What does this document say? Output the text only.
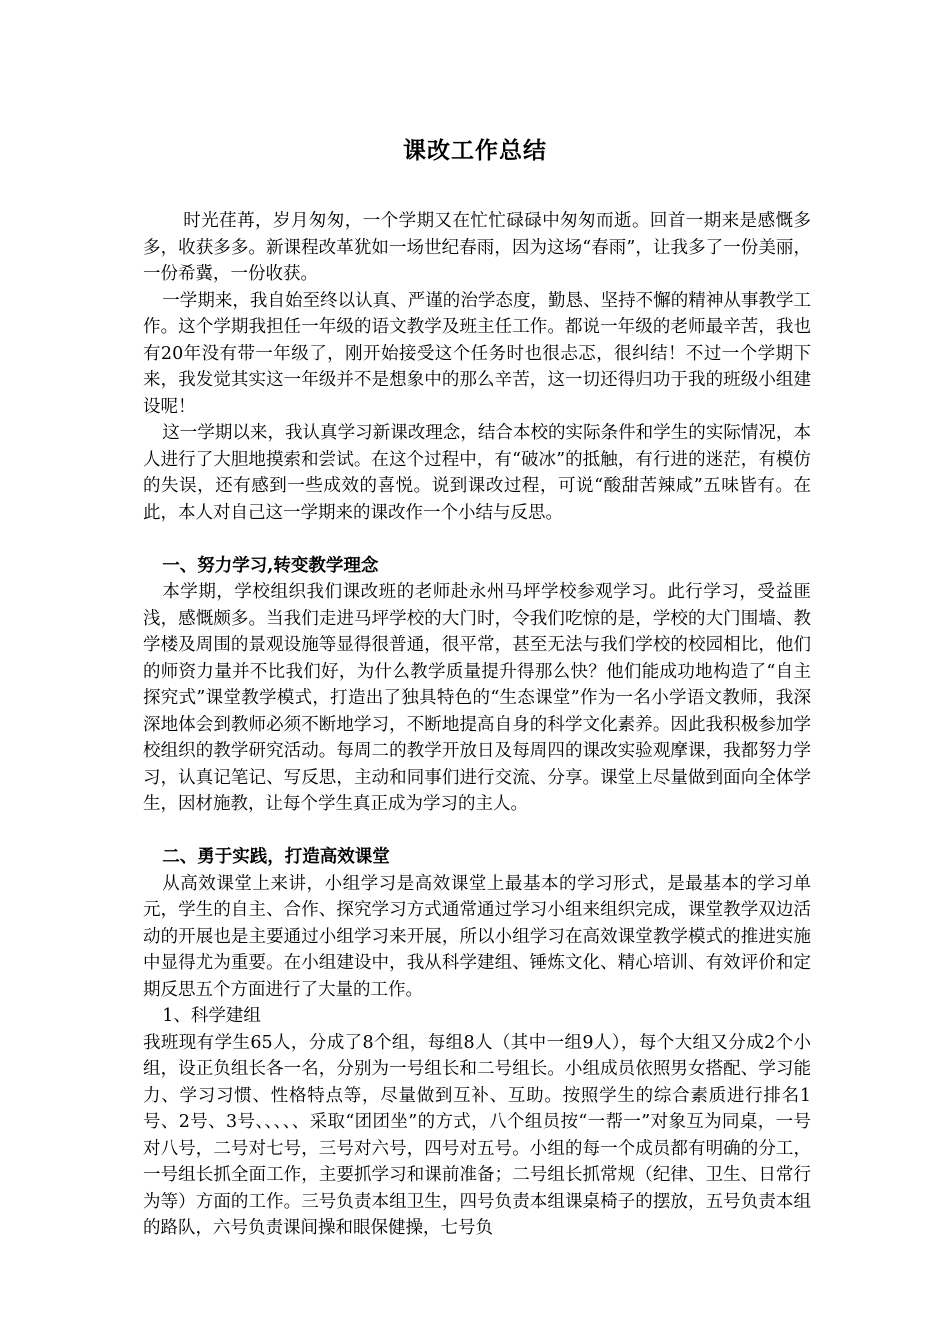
课改工作总结

时光荏苒，岁月匆匆，一个学期又在忙忙碌碌中匆匆而逝。回首一期来是感慨多多，收获多多。新课程改革犹如一场世纪春雨，因为这场“春雨”，让我多了一份美丽，一份希冀，一份收获。

一学期来，我自始至终以认真、严谨的治学态度，勤恳、坚持不懈的精神从事教学工作。这个学期我担任一年级的语文教学及班主任工作。都说一年级的老师最辛苦，我也有20年没有带一年级了，刚开始接受这个任务时也很忐忑，很纠结！不过一个学期下来，我发觉其实这一年级并不是想象中的那么辛苦，这一切还得归功于我的班级小组建设呢！

这一学期以来，我认真学习新课改理念，结合本校的实际条件和学生的实际情况，本人进行了大胆地摸索和尝试。在这个过程中，有“破冰”的抵触，有行进的迷茫，有模仿的失误，还有感到一些成效的喜悦。说到课改过程，可说“酸甜苦辣咸”五味皆有。在此，本人对自己这一学期来的课改作一个小结与反思。

一、努力学习,转变教学理念

本学期，学校组织我们课改班的老师赴永州马坪学校参观学习。此行学习，受益匪浅，感慨颇多。当我们走进马坪学校的大门时，令我们吃惊的是，学校的大门围墙、教学楼及周围的景观设施等显得很普通，很平常，甚至无法与我们学校的校园相比，他们的师资力量并不比我们好，为什么教学质量提升得那么快？他们能成功地构造了“自主探究式”课堂教学模式，打造出了独具特色的“生态课堂”作为一名小学语文教师，我深深地体会到教师必须不断地学习，不断地提高自身的科学文化素养。因此我积极参加学校组织的教学研究活动。每周二的教学开放日及每周四的课改实验观摩课，我都努力学习，认真记笔记、写反思，主动和同事们进行交流、分享。课堂上尽量做到面向全体学生，因材施教，让每个学生真正成为学习的主人。

二、勇于实践，打造高效课堂

从高效课堂上来讲，小组学习是高效课堂上最基本的学习形式，是最基本的学习单元，学生的自主、合作、探究学习方式通常通过学习小组来组织完成，课堂教学双边活动的开展也是主要通过小组学习来开展，所以小组学习在高效课堂教学模式的推进实施中显得尤为重要。在小组建设中，我从科学建组、锤炼文化、精心培训、有效评价和定期反思五个方面进行了大量的工作。

1、科学建组

我班现有学生65人，分成了8个组，每组8人（其中一组9人），每个大组又分成2个小组，设正负组长各一名，分别为一号组长和二号组长。小组成员依照男女搭配、学习能力、学习习惯、性格特点等，尽量做到互补、互助。按照学生的综合素质进行排名1号、2号、3号、、、、、采取“团团坐”的方式，八个组员按“一帮一”对象互为同桌，一号对八号，二号对七号，三号对六号，四号对五号。小组的每一个成员都有明确的分工，一号组长抓全面工作，主要抓学习和课前准备；二号组长抓常规（纪律、卫生、日常行为等）方面的工作。三号负责本组卫生，四号负责本组课桌椅子的摆放，五号负责本组的路队，六号负责课间操和眼保健操，七号负
